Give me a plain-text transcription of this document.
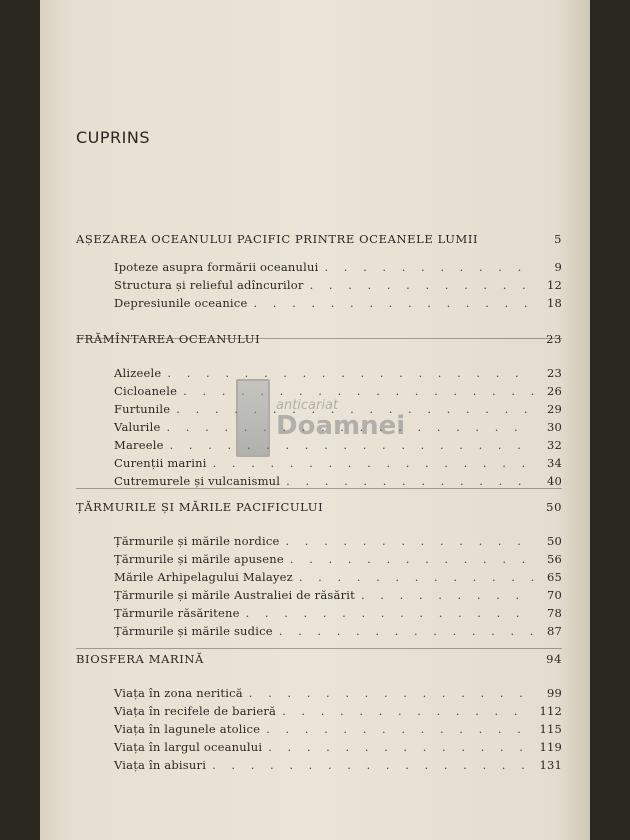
CUPRINS
AȘEZAREA OCEANULUI PACIFIC PRINTRE OCEANELE LUMII	5
Ipoteze asupra formării oceanului . . .	9
Structura și relieful adîncurilor . . .	12
Depresiunile oceanice . . .	18
FRĂMÎNTAREA OCEANULUI	23
Alizeele . . .	23
Cicloanele . . .	26
Furtunile . . .	29
Valurile . . .	30
Mareele . . .	32
Curenții marini . . .	34
Cutremurele și vulcanismul . . .	40
ȚĂRMURILE ȘI MĂRILE PACIFICULUI	50
Țărmurile și mările nordice . . .	50
Țărmurile și mările apusene . . .	56
Mările Arhipelagului Malayez . . .	65
Țărmurile și mările Australiei de răsărit . . .	70
Țărmurile răsăritene . . .	78
Țărmurile și mările sudice . . .	87
BIOSFERA MARINĂ	94
Viața în zona neritică . . .	99
Viața în recifele de barieră . . .	112
Viața în lagunele atolice . . .	115
Viața în largul oceanului . . .	119
Viața în abisuri . . .	131
anticariat
Doamnei
